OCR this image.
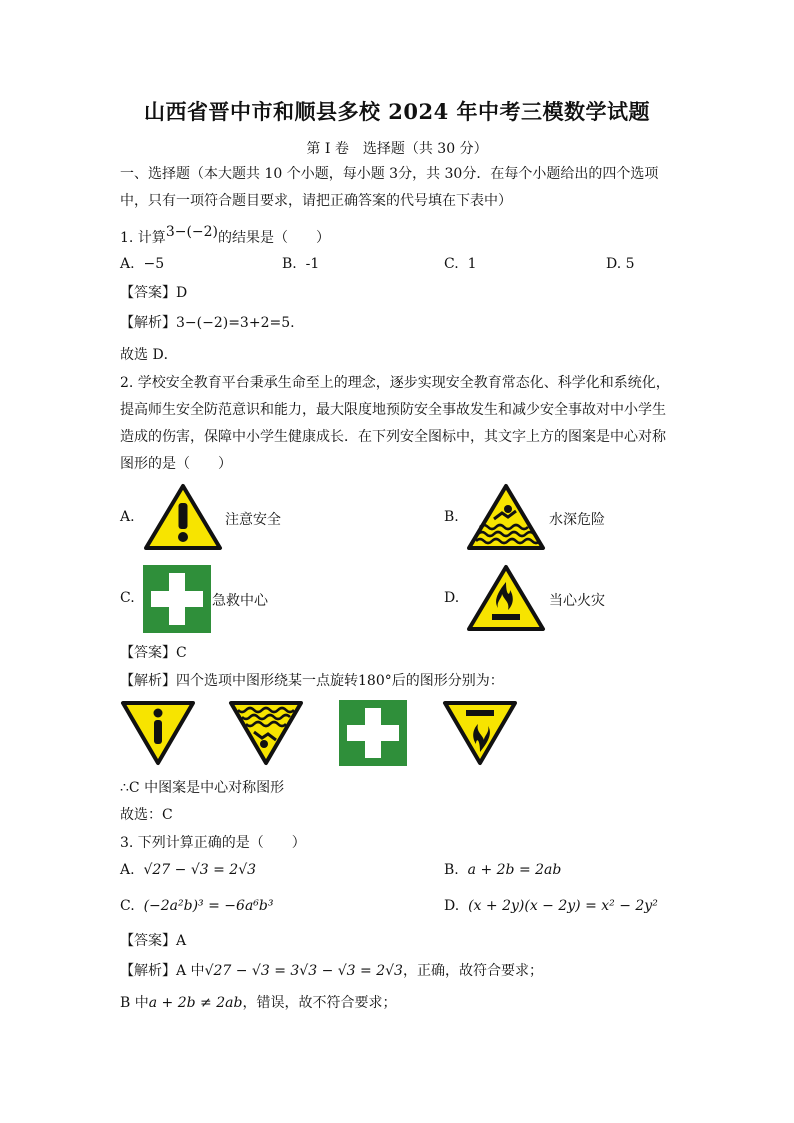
山西省晋中市和顺县多校 2024 年中考三模数学试题
第 I 卷　选择题（共 30 分）
一、选择题（本大题共 10 个小题，每小题 3分，共 30分．在每个小题给出的四个选项
中，只有一项符合题目要求，请把正确答案的代号填在下表中）
1. 计算3−(−2)的结果是（　　）
A. −5	B. -1	C. 1	D. 5
【答案】D
【解析】3−(−2)=3+2=5.
故选 D．
2. 学校安全教育平台秉承生命至上的理念，逐步实现安全教育常态化、科学化和系统化，
提高师生安全防范意识和能力，最大限度地预防安全事故发生和减少安全事故对中小学生
造成的伤害，保障中小学生健康成长．在下列安全图标中，其文字上方的图案是中心对称
图形的是（　　）
A.	注意安全	B.	水深危险
C.	急救中心	D.	当心火灾
【答案】C
【解析】四个选项中图形绕某一点旋转180°后的图形分别为：
∴C 中图案是中心对称图形
故选：C
3. 下列计算正确的是（　　）
A. √27 − √3 = 2√3	B. a + 2b = 2ab
C. (−2a²b)³ = −6a⁶b³	D. (x + 2y)(x − 2y) = x² − 2y²
【答案】A
【解析】A 中√27 − √3 = 3√3 − √3 = 2√3，正确，故符合要求；
B 中a + 2b ≠ 2ab，错误，故不符合要求；
